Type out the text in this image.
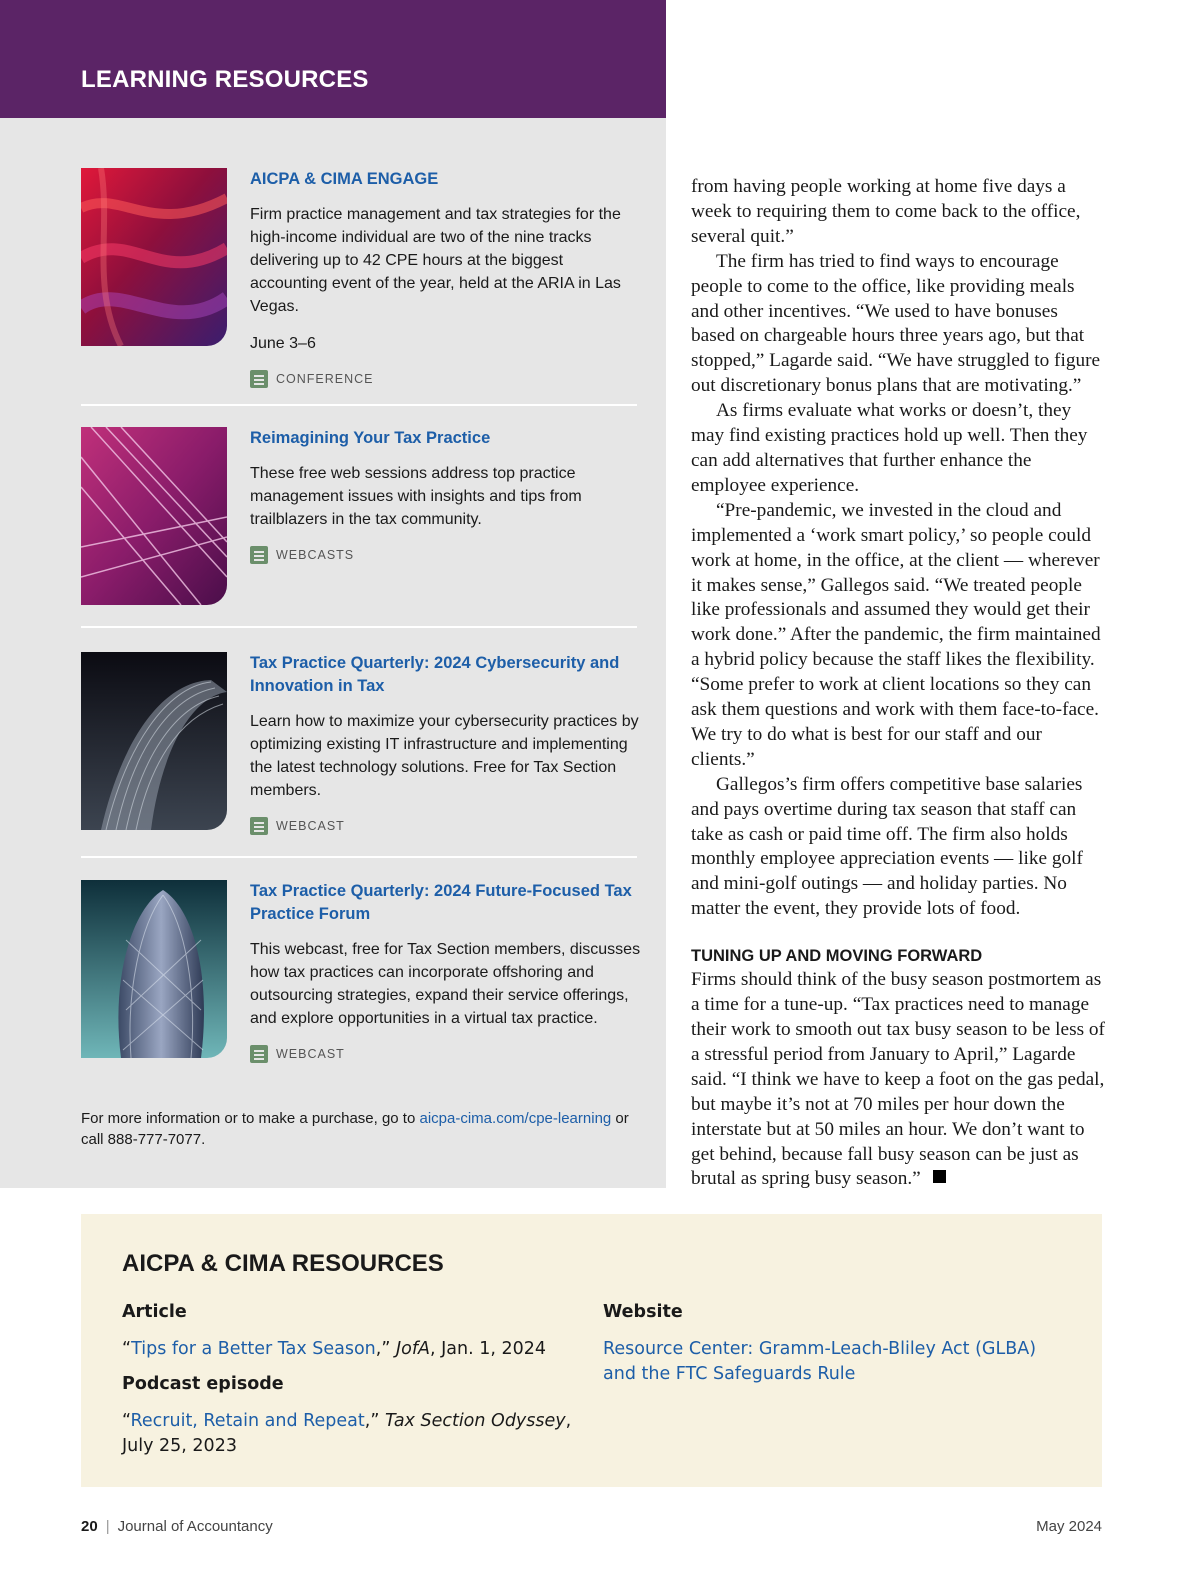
LEARNING RESOURCES
AICPA & CIMA ENGAGE
Firm practice management and tax strategies for the high-income individual are two of the nine tracks delivering up to 42 CPE hours at the biggest accounting event of the year, held at the ARIA in Las Vegas.
June 3–6
CONFERENCE
Reimagining Your Tax Practice
These free web sessions address top practice management issues with insights and tips from trailblazers in the tax community.
WEBCASTS
Tax Practice Quarterly: 2024 Cybersecurity and Innovation in Tax
Learn how to maximize your cybersecurity practices by optimizing existing IT infrastructure and implementing the latest technology solutions. Free for Tax Section members.
WEBCAST
Tax Practice Quarterly: 2024 Future-Focused Tax Practice Forum
This webcast, free for Tax Section members, discusses how tax practices can incorporate offshoring and outsourcing strategies, expand their service offerings, and explore opportunities in a virtual tax practice.
WEBCAST
For more information or to make a purchase, go to aicpa-cima.com/cpe-learning or call 888-777-7077.

from having people working at home five days a week to requiring them to come back to the office, several quit.”

The firm has tried to find ways to encourage people to come to the office, like providing meals and other incentives. “We used to have bonuses based on chargeable hours three years ago, but that stopped,” Lagarde said. “We have struggled to figure out discretionary bonus plans that are motivating.”

As firms evaluate what works or doesn’t, they may find existing practices hold up well. Then they can add alternatives that further enhance the employee experience.

“Pre-pandemic, we invested in the cloud and implemented a ‘work smart policy,’ so people could work at home, in the office, at the client — wherever it makes sense,” Gallegos said. “We treated people like professionals and assumed they would get their work done.” After the pandemic, the firm maintained a hybrid policy because the staff likes the flexibility. “Some prefer to work at client locations so they can ask them questions and work with them face-to-face. We try to do what is best for our staff and our clients.”

Gallegos’s firm offers competitive base salaries and pays overtime during tax season that staff can take as cash or paid time off. The firm also holds monthly employee appreciation events — like golf and mini-golf outings — and holiday parties. No matter the event, they provide lots of food.

TUNING UP AND MOVING FORWARD

Firms should think of the busy season postmortem as a time for a tune-up. “Tax practices need to manage their work to smooth out tax busy season to be less of a stressful period from January to April,” Lagarde said. “I think we have to keep a foot on the gas pedal, but maybe it’s not at 70 miles per hour down the interstate but at 50 miles an hour. We don’t want to get behind, because fall busy season can be just as brutal as spring busy season.”

AICPA & CIMA RESOURCES
Article
“Tips for a Better Tax Season,” JofA, Jan. 1, 2024
Podcast episode
“Recruit, Retain and Repeat,” Tax Section Odyssey, July 25, 2023
Website
Resource Center: Gramm-Leach-Bliley Act (GLBA) and the FTC Safeguards Rule
20 | Journal of Accountancy	May 2024
